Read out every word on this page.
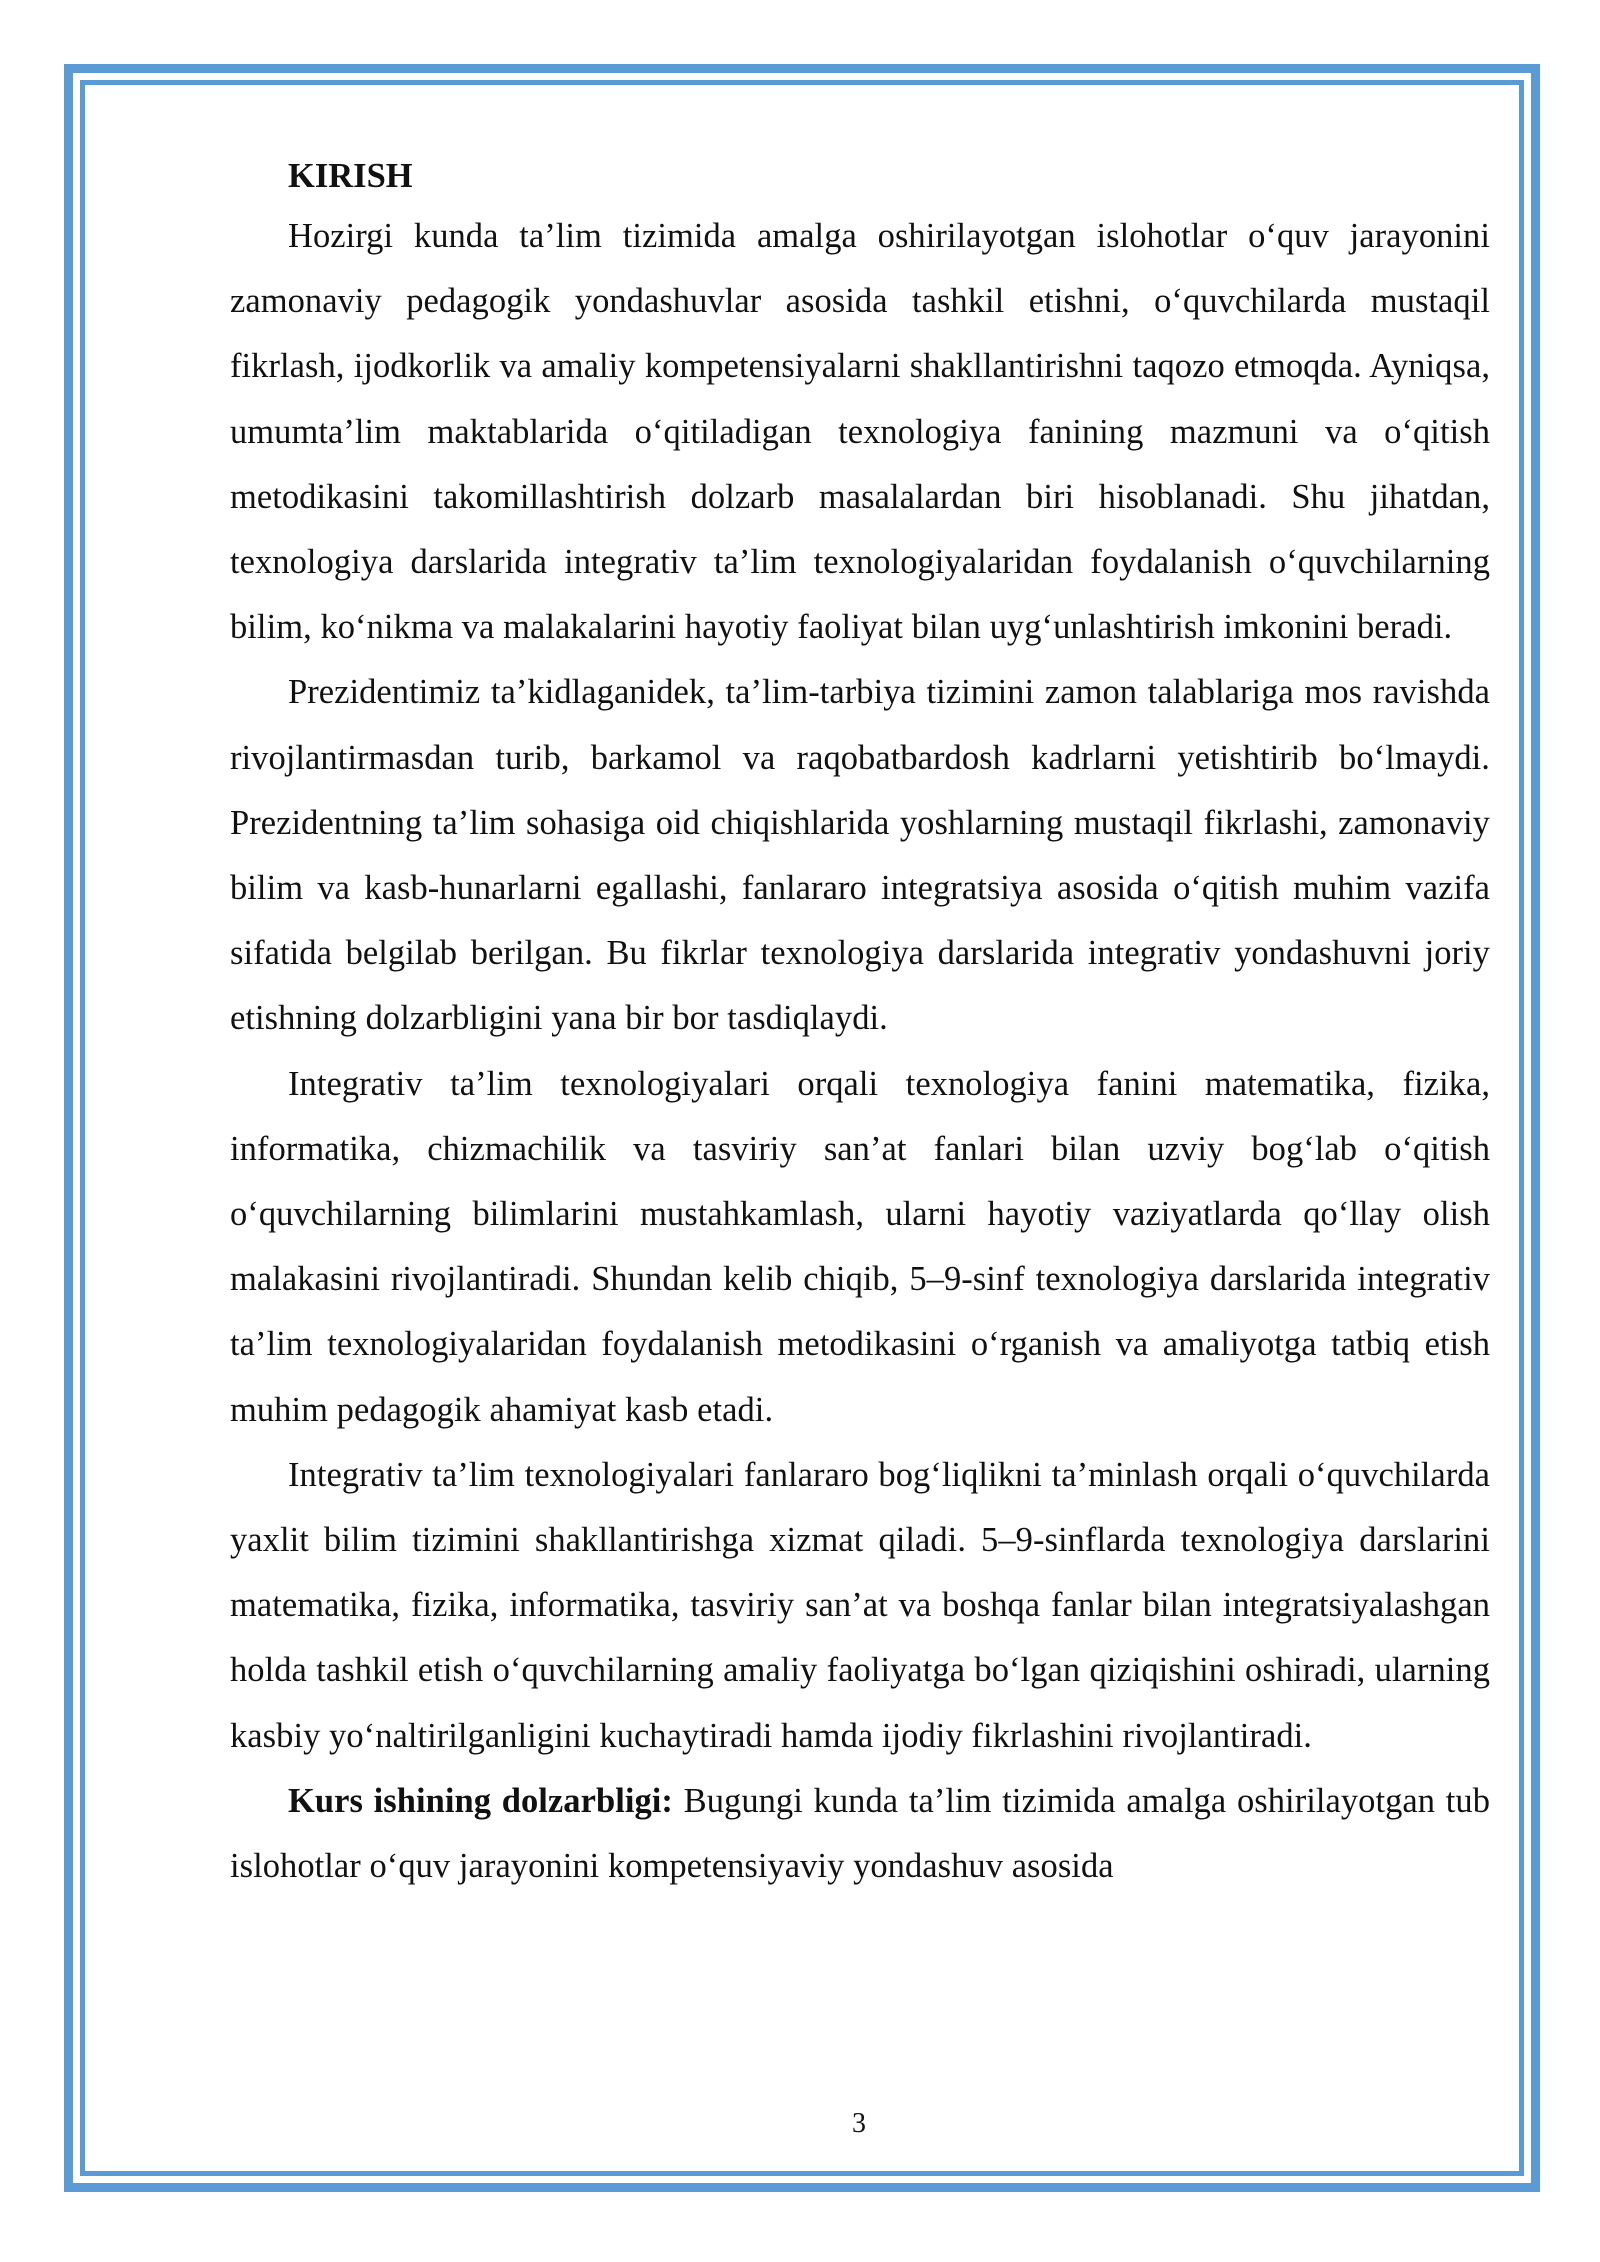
KIRISH

Hozirgi kunda ta’lim tizimida amalga oshirilayotgan islohotlar o‘quv jarayonini zamonaviy pedagogik yondashuvlar asosida tashkil etishni, o‘quvchilarda mustaqil fikrlash, ijodkorlik va amaliy kompetensiyalarni shakllantirishni taqozo etmoqda. Ayniqsa, umumta’lim maktablarida o‘qitiladigan texnologiya fanining mazmuni va o‘qitish metodikasini takomillashtirish dolzarb masalalardan biri hisoblanadi. Shu jihatdan, texnologiya darslarida integrativ ta’lim texnologiyalaridan foydalanish o‘quvchilarning bilim, ko‘nikma va malakalarini hayotiy faoliyat bilan uyg‘unlashtirish imkonini beradi.

Prezidentimiz ta’kidlaganidek, ta’lim-tarbiya tizimini zamon talablariga mos ravishda rivojlantirmasdan turib, barkamol va raqobatbardosh kadrlarni yetishtirib bo‘lmaydi. Prezidentning ta’lim sohasiga oid chiqishlarida yoshlarning mustaqil fikrlashi, zamonaviy bilim va kasb-hunarlarni egallashi, fanlararo integratsiya asosida o‘qitish muhim vazifa sifatida belgilab berilgan. Bu fikrlar texnologiya darslarida integrativ yondashuvni joriy etishning dolzarbligini yana bir bor tasdiqlaydi.

Integrativ ta’lim texnologiyalari orqali texnologiya fanini matematika, fizika, informatika, chizmachilik va tasviriy san’at fanlari bilan uzviy bog‘lab o‘qitish o‘quvchilarning bilimlarini mustahkamlash, ularni hayotiy vaziyatlarda qo‘llay olish malakasini rivojlantiradi. Shundan kelib chiqib, 5–9-sinf texnologiya darslarida integrativ ta’lim texnologiyalaridan foydalanish metodikasini o‘rganish va amaliyotga tatbiq etish muhim pedagogik ahamiyat kasb etadi.

Integrativ ta’lim texnologiyalari fanlararo bog‘liqlikni ta’minlash orqali o‘quvchilarda yaxlit bilim tizimini shakllantirishga xizmat qiladi. 5–9-sinflarda texnologiya darslarini matematika, fizika, informatika, tasviriy san’at va boshqa fanlar bilan integratsiyalashgan holda tashkil etish o‘quvchilarning amaliy faoliyatga bo‘lgan qiziqishini oshiradi, ularning kasbiy yo‘naltirilganligini kuchaytiradi hamda ijodiy fikrlashini rivojlantiradi.

Kurs ishining dolzarbligi: Bugungi kunda ta’lim tizimida amalga oshirilayotgan tub islohotlar o‘quv jarayonini kompetensiyaviy yondashuv asosida

3
